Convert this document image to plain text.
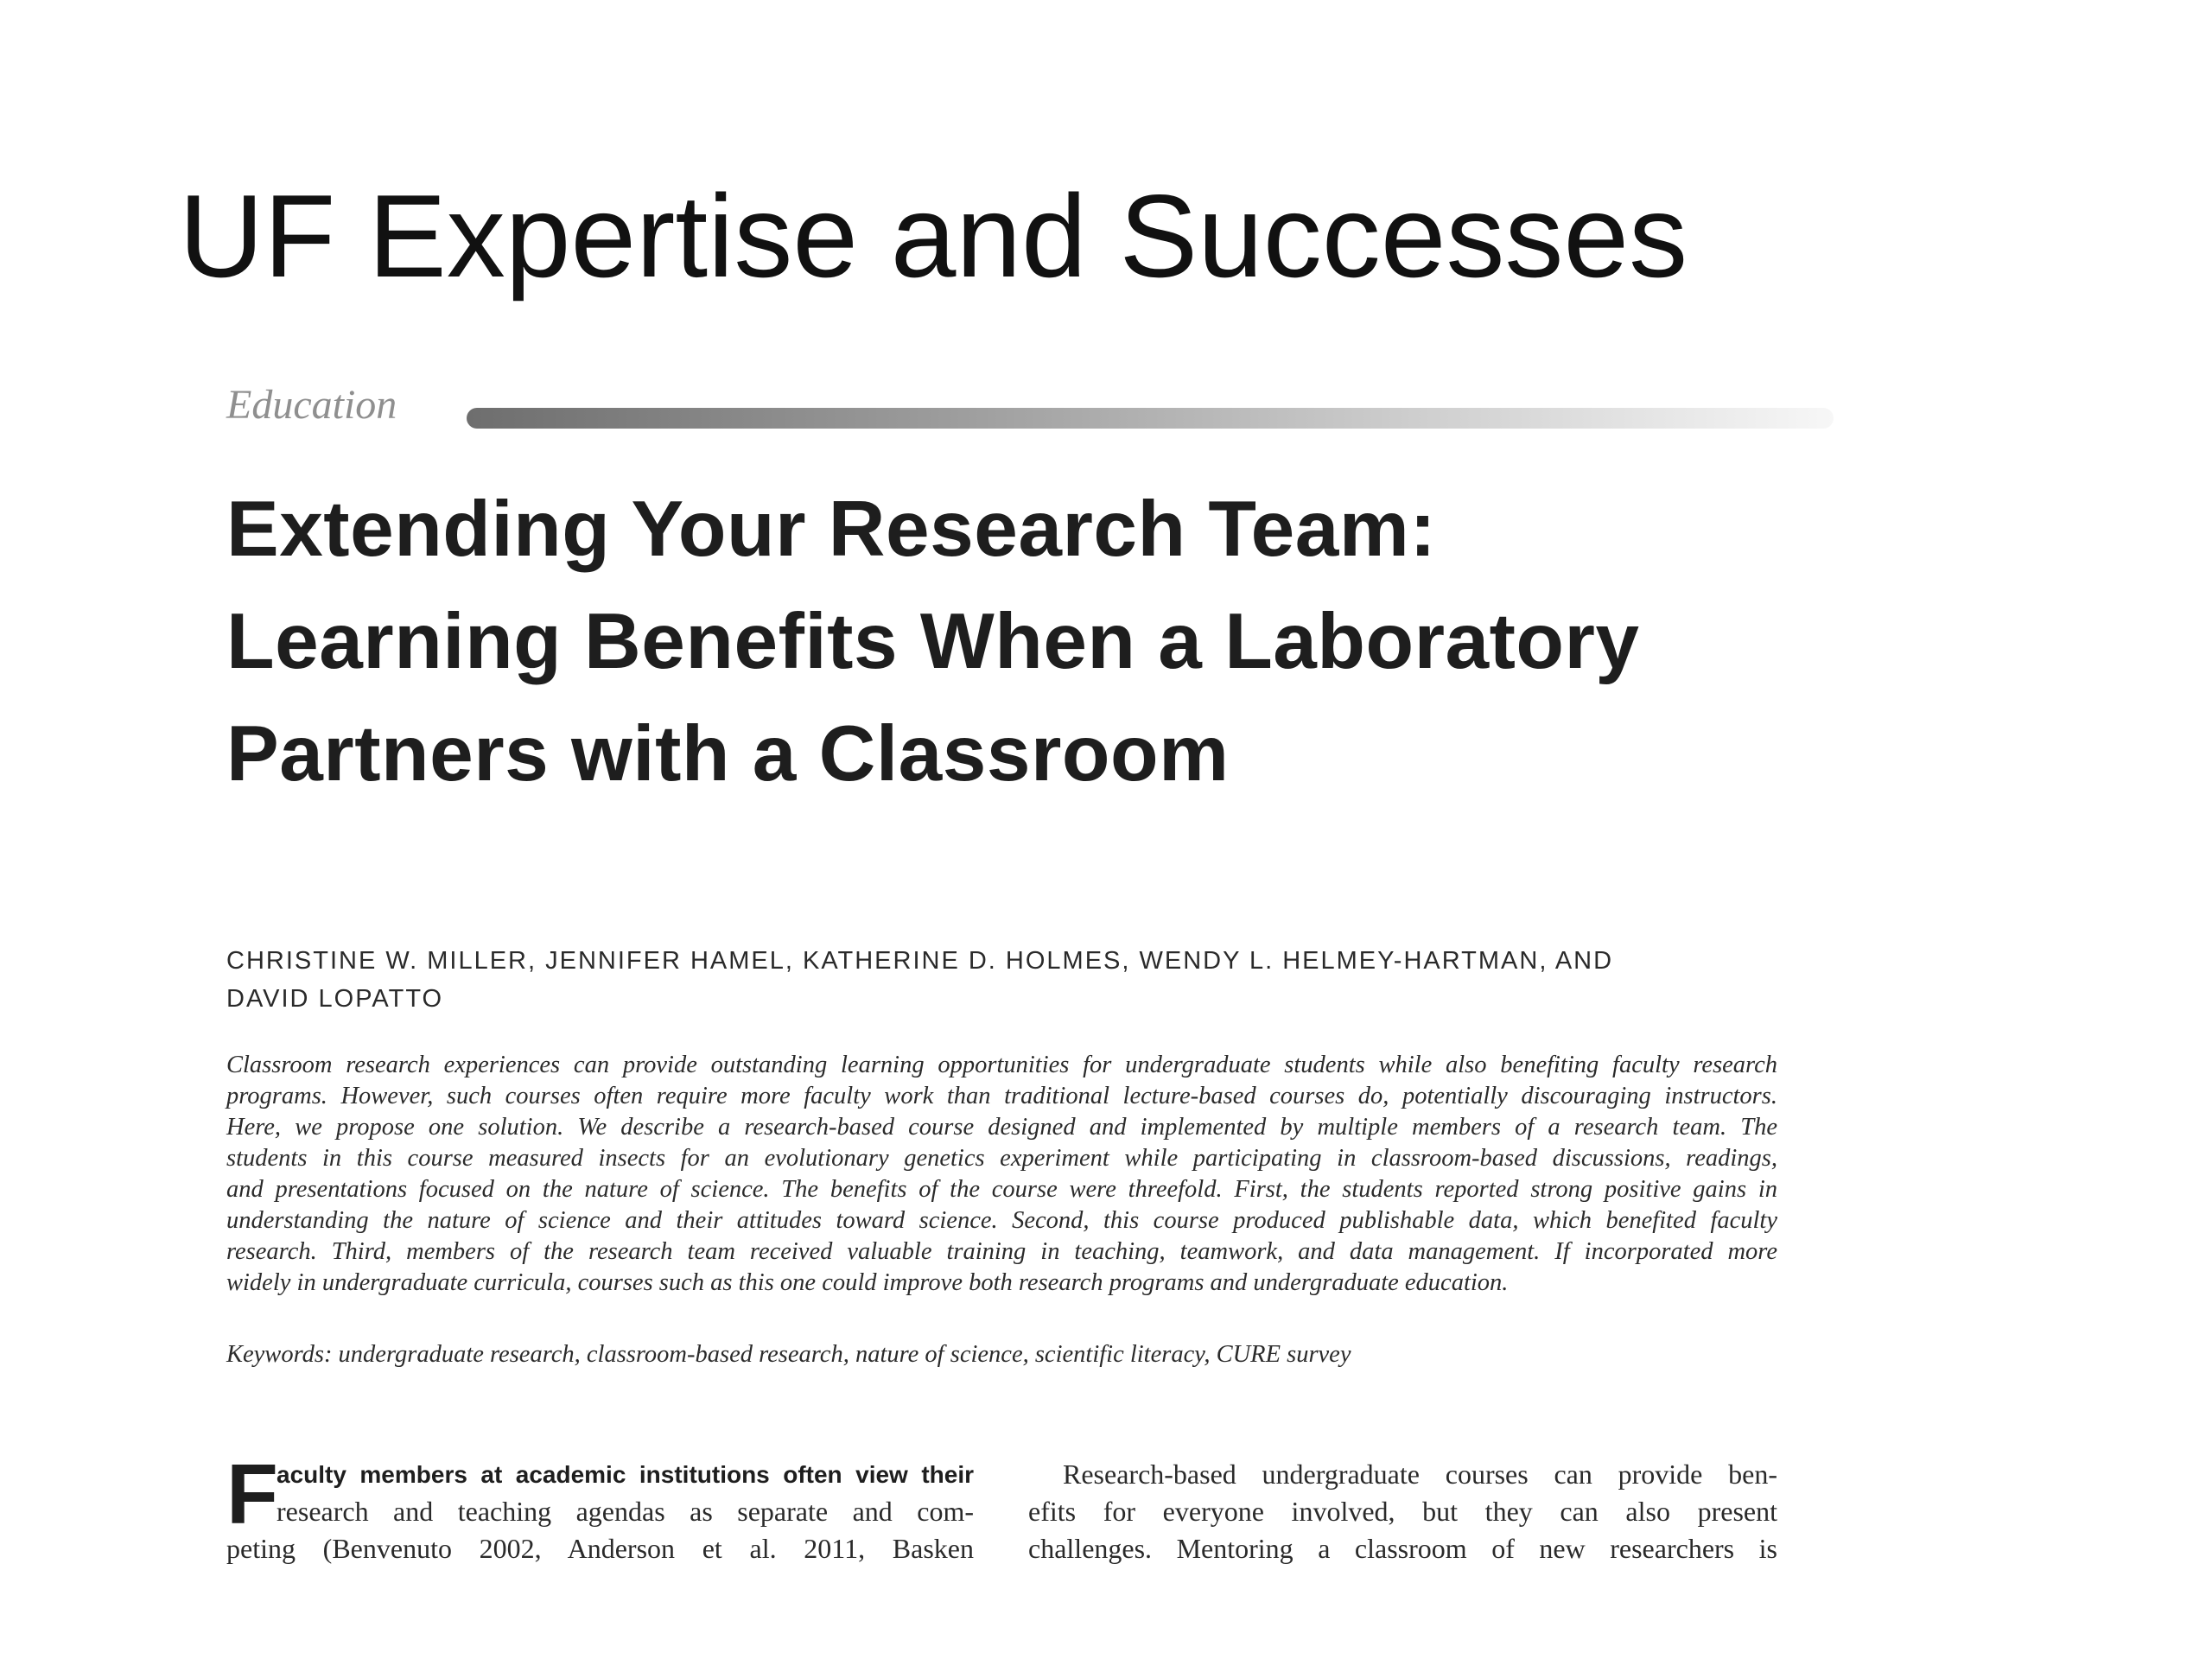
UF Expertise and Successes
Education
Extending Your Research Team:
Learning Benefits When a Laboratory
Partners with a Classroom
CHRISTINE W. MILLER, JENNIFER HAMEL, KATHERINE D. HOLMES, WENDY L. HELMEY-HARTMAN, AND
DAVID LOPATTO
Classroom research experiences can provide outstanding learning opportunities for undergraduate students while also benefiting faculty research
programs. However, such courses often require more faculty work than traditional lecture-based courses do, potentially discouraging instructors.
Here, we propose one solution. We describe a research-based course designed and implemented by multiple members of a research team. The
students in this course measured insects for an evolutionary genetics experiment while participating in classroom-based discussions, readings,
and presentations focused on the nature of science. The benefits of the course were threefold. First, the students reported strong positive gains in
understanding the nature of science and their attitudes toward science. Second, this course produced publishable data, which benefited faculty
research. Third, members of the research team received valuable training in teaching, teamwork, and data management. If incorporated more
widely in undergraduate curricula, courses such as this one could improve both research programs and undergraduate education.
Keywords: undergraduate research, classroom-based research, nature of science, scientific literacy, CURE survey
F
aculty members at academic institutions often view their
research and teaching agendas as separate and com-
peting (Benvenuto 2002, Anderson et al. 2011, Basken
Research-based undergraduate courses can provide ben-
efits for everyone involved, but they can also present
challenges. Mentoring a classroom of new researchers is
